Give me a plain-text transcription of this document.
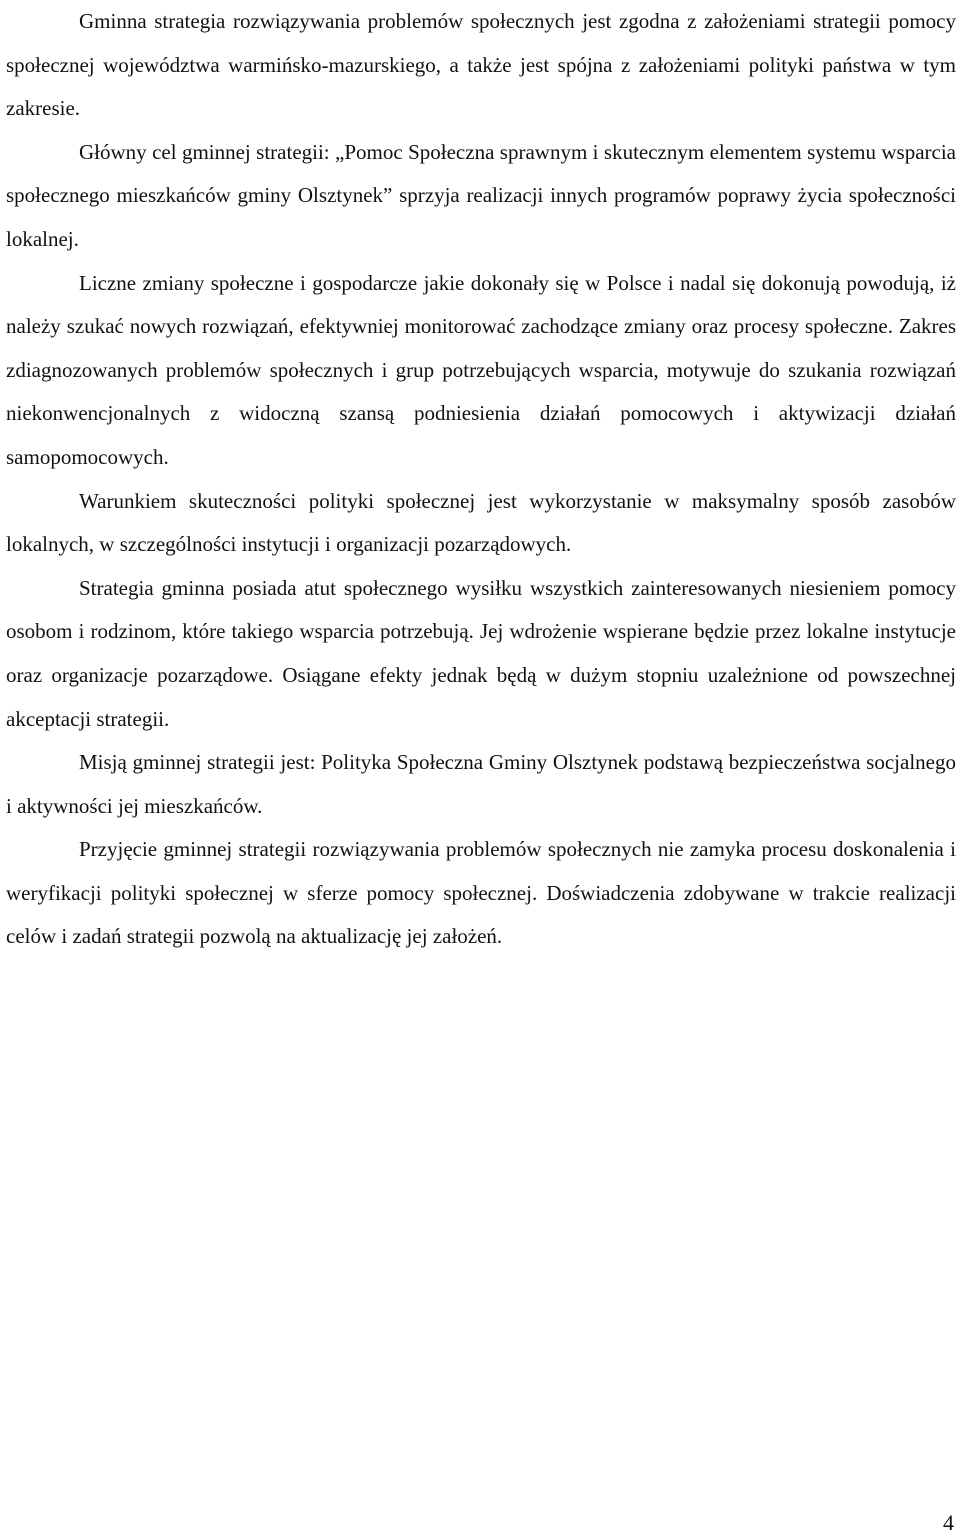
Gminna strategia rozwiązywania problemów społecznych jest zgodna z założeniami strategii pomocy społecznej województwa warmińsko-mazurskiego, a także jest spójna z założeniami polityki państwa w tym zakresie.

Główny cel gminnej strategii: „Pomoc Społeczna sprawnym i skutecznym elementem systemu wsparcia społecznego mieszkańców gminy Olsztynek” sprzyja realizacji innych programów poprawy życia społeczności lokalnej.

Liczne zmiany społeczne i gospodarcze jakie dokonały się w Polsce i nadal się dokonują powodują, iż należy szukać nowych rozwiązań, efektywniej monitorować zachodzące zmiany oraz procesy społeczne. Zakres zdiagnozowanych problemów społecznych i grup potrzebujących wsparcia, motywuje do szukania rozwiązań niekonwencjonalnych z widoczną szansą podniesienia działań pomocowych i aktywizacji działań samopomocowych.

Warunkiem skuteczności polityki społecznej jest wykorzystanie w maksymalny sposób zasobów lokalnych, w szczególności instytucji i organizacji pozarządowych.

Strategia gminna posiada atut społecznego wysiłku wszystkich zainteresowanych niesieniem pomocy osobom i rodzinom, które takiego wsparcia potrzebują. Jej wdrożenie wspierane będzie przez lokalne instytucje oraz organizacje pozarządowe. Osiągane efekty jednak będą w dużym stopniu uzależnione od powszechnej akceptacji strategii.

Misją gminnej strategii jest: Polityka Społeczna Gminy Olsztynek podstawą bezpieczeństwa socjalnego i aktywności jej mieszkańców.

Przyjęcie gminnej strategii rozwiązywania problemów społecznych nie zamyka procesu doskonalenia i weryfikacji polityki społecznej w sferze pomocy społecznej. Doświadczenia zdobywane w trakcie realizacji celów i zadań strategii pozwolą na aktualizację jej założeń.

4
